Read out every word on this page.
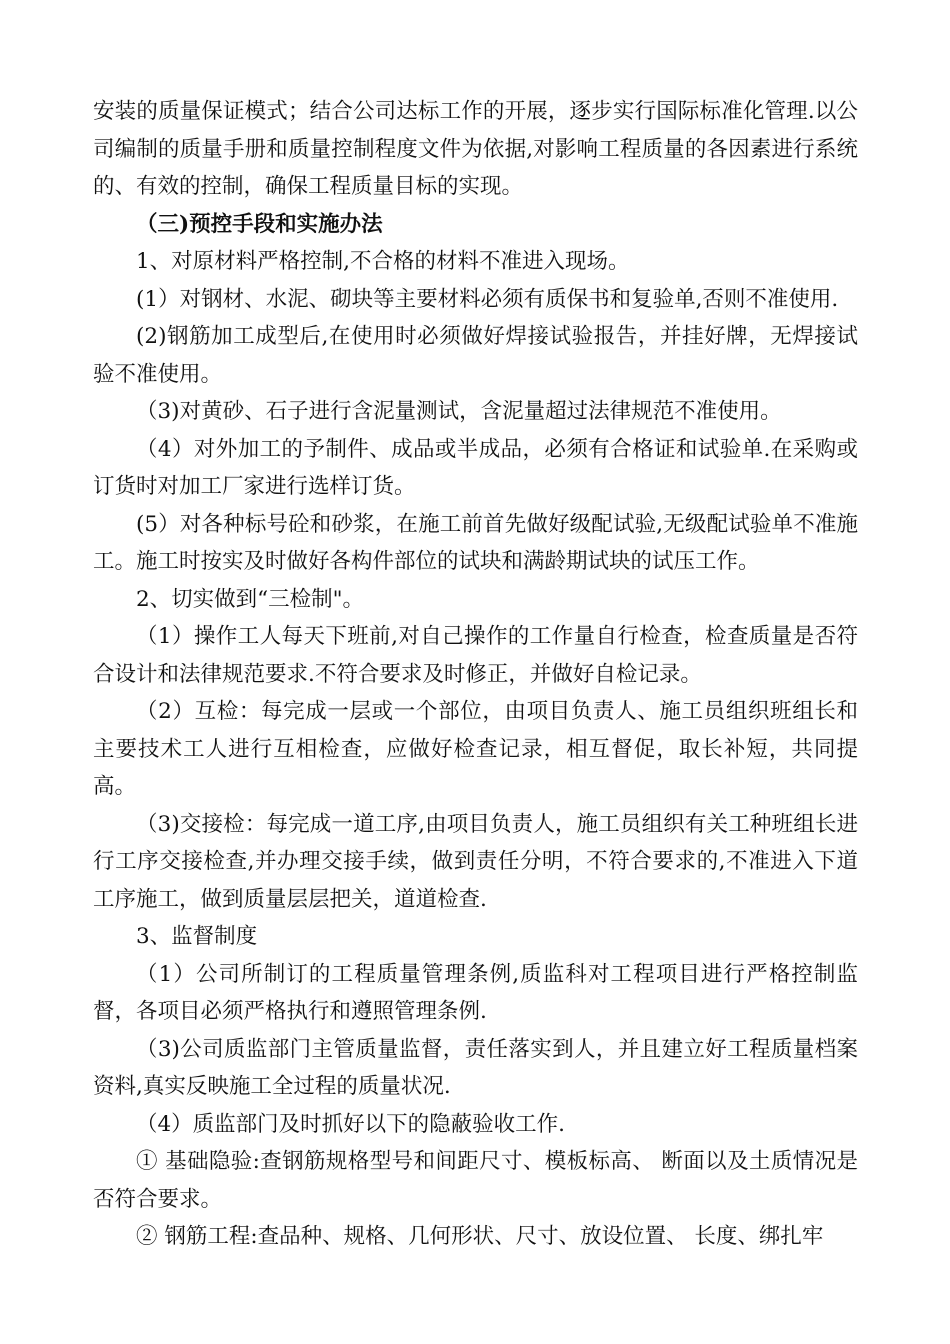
安装的质量保证模式；结合公司达标工作的开展，逐步实行国际标准化管理.以公司编制的质量手册和质量控制程度文件为依据,对影响工程质量的各因素进行系统的、有效的控制，确保工程质量目标的实现。

（三)预控手段和实施办法

1、对原材料严格控制,不合格的材料不准进入现场。

(1）对钢材、水泥、砌块等主要材料必须有质保书和复验单,否则不准使用.

(2)钢筋加工成型后,在使用时必须做好焊接试验报告，并挂好牌，无焊接试验不准使用。

（3)对黄砂、石子进行含泥量测试，含泥量超过法律规范不准使用。

（4）对外加工的予制件、成品或半成品，必须有合格证和试验单.在采购或订货时对加工厂家进行选样订货。

(5）对各种标号砼和砂浆，在施工前首先做好级配试验,无级配试验单不准施工。施工时按实及时做好各构件部位的试块和满龄期试块的试压工作。

2、切实做到“三检制"。

（1）操作工人每天下班前,对自己操作的工作量自行检查，检查质量是否符合设计和法律规范要求.不符合要求及时修正，并做好自检记录。

（2）互检：每完成一层或一个部位，由项目负责人、施工员组织班组长和主要技术工人进行互相检查，应做好检查记录，相互督促，取长补短，共同提高。

（3)交接检：每完成一道工序,由项目负责人，施工员组织有关工种班组长进行工序交接检查,并办理交接手续，做到责任分明，不符合要求的,不准进入下道工序施工，做到质量层层把关，道道检查.

3、监督制度

（1）公司所制订的工程质量管理条例,质监科对工程项目进行严格控制监督，各项目必须严格执行和遵照管理条例.

（3)公司质监部门主管质量监督，责任落实到人，并且建立好工程质量档案资料,真实反映施工全过程的质量状况.

（4）质监部门及时抓好以下的隐蔽验收工作.

① 基础隐验:查钢筋规格型号和间距尺寸、模板标高、 断面以及土质情况是否符合要求。

② 钢筋工程:查品种、规格、几何形状、尺寸、放设位置、 长度、绑扎牢
